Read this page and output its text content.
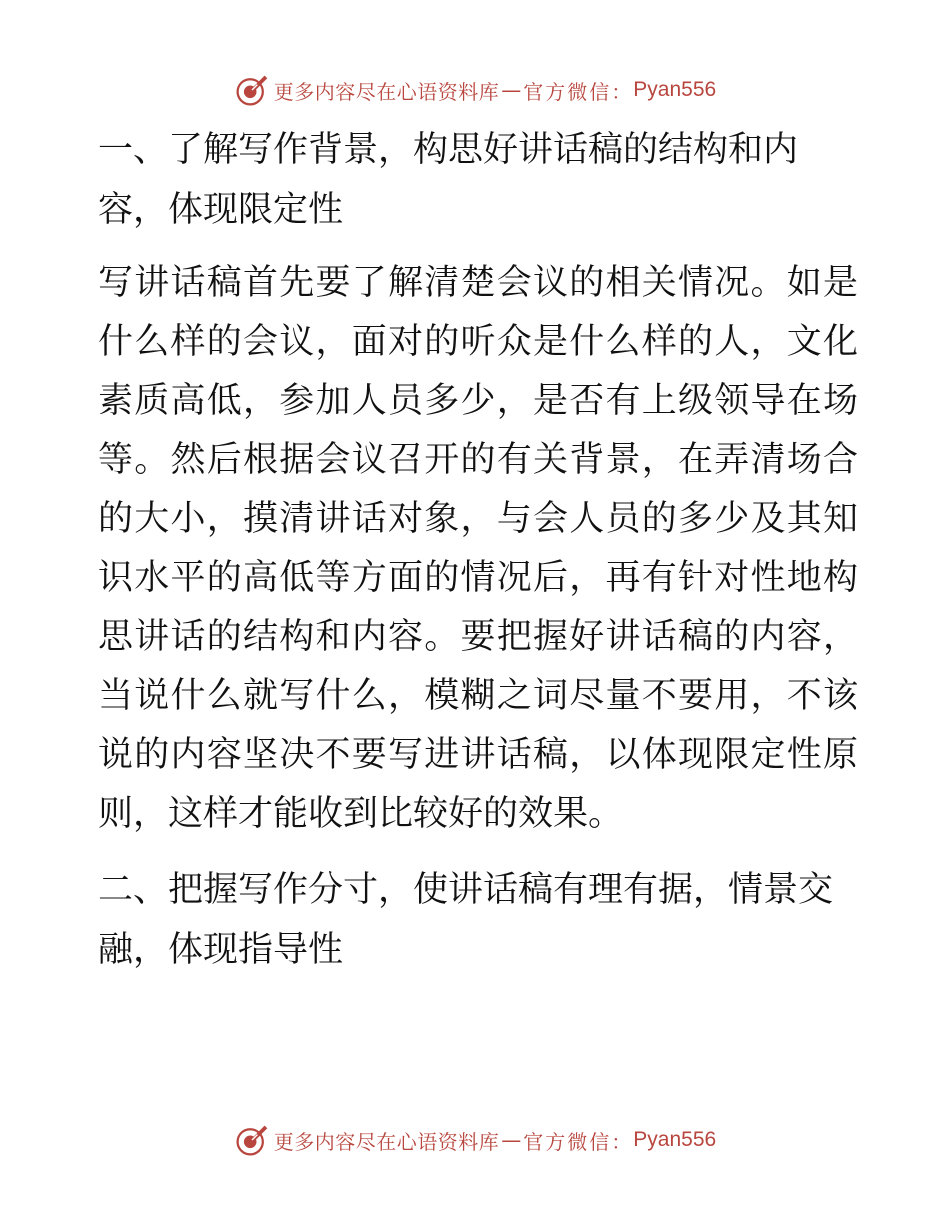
更多内容尽在心语资料库 — 官方微信： Pyan556

一、了解写作背景，构思好讲话稿的结构和内容，体现限定性

写讲话稿首先要了解清楚会议的相关情况。如是什么样的会议，面对的听众是什么样的人，文化素质高低，参加人员多少，是否有上级领导在场等。然后根据会议召开的有关背景，在弄清场合的大小，摸清讲话对象，与会人员的多少及其知识水平的高低等方面的情况后，再有针对性地构思讲话的结构和内容。要把握好讲话稿的内容，当说什么就写什么，模糊之词尽量不要用，不该说的内容坚决不要写进讲话稿，以体现限定性原则，这样才能收到比较好的效果。

二、把握写作分寸，使讲话稿有理有据，情景交融，体现指导性

更多内容尽在心语资料库 — 官方微信： Pyan556
